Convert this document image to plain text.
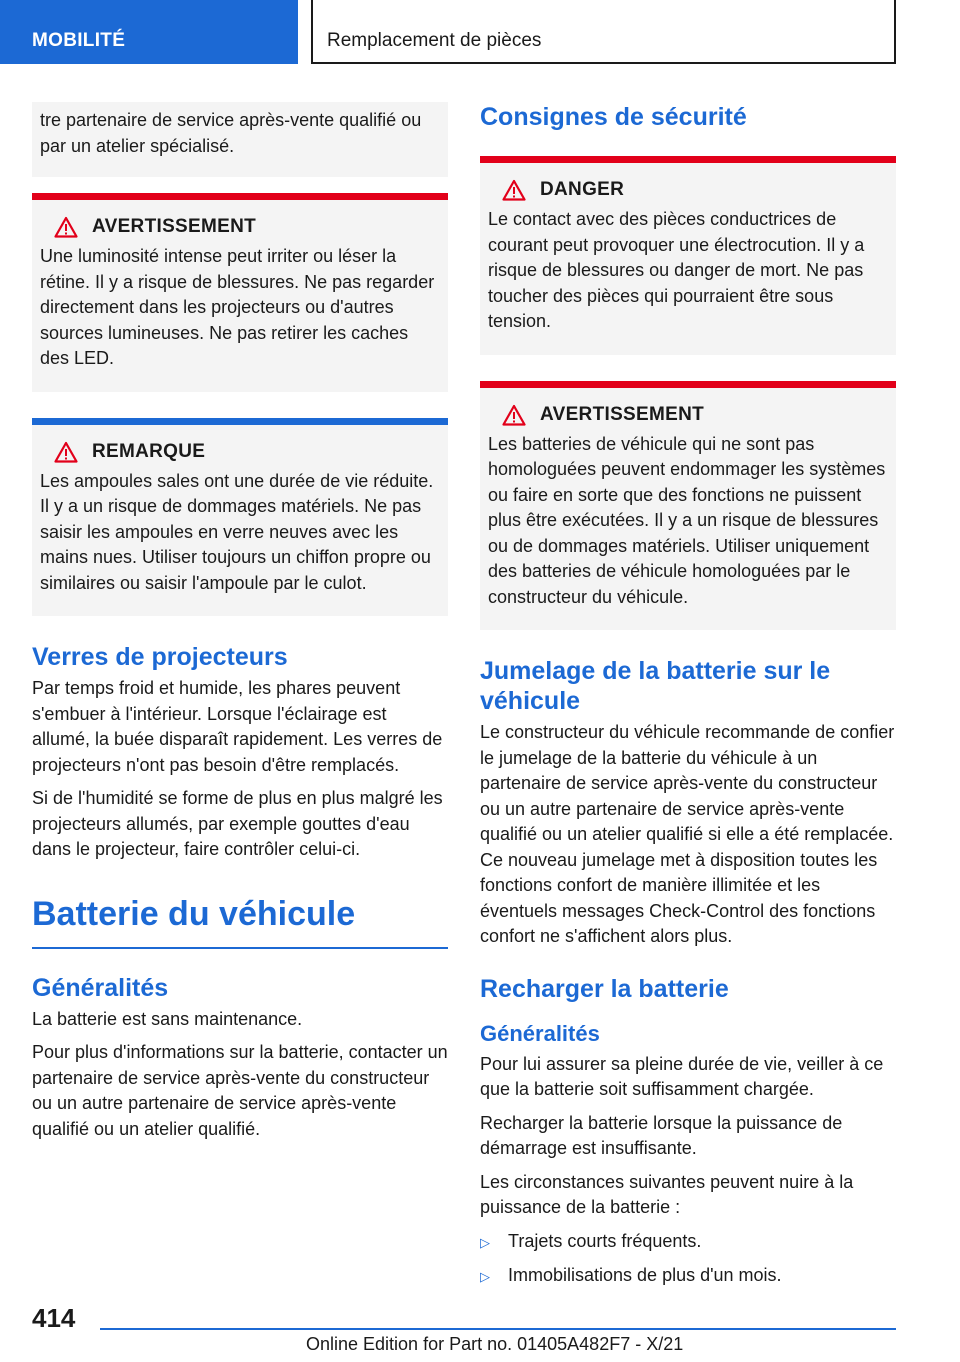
MOBILITÉ	Remplacement de pièces

tre partenaire de service après-vente qualifié ou par un atelier spécialisé.

AVERTISSEMENT

Une luminosité intense peut irriter ou léser la rétine. Il y a risque de blessures. Ne pas regarder directement dans les projecteurs ou d'autres sources lumineuses. Ne pas retirer les caches des LED.

REMARQUE

Les ampoules sales ont une durée de vie réduite. Il y a un risque de dommages matériels. Ne pas saisir les ampoules en verre neuves avec les mains nues. Utiliser toujours un chiffon propre ou similaires ou saisir l'ampoule par le culot.

Verres de projecteurs

Par temps froid et humide, les phares peuvent s'embuer à l'intérieur. Lorsque l'éclairage est allumé, la buée disparaît rapidement. Les verres de projecteurs n'ont pas besoin d'être remplacés.

Si de l'humidité se forme de plus en plus malgré les projecteurs allumés, par exemple gouttes d'eau dans le projecteur, faire contrôler celui-ci.

Batterie du véhicule
Généralités

La batterie est sans maintenance.

Pour plus d'informations sur la batterie, contacter un partenaire de service après-vente du constructeur ou un autre partenaire de service après-vente qualifié ou un atelier qualifié.

Consignes de sécurité
DANGER

Le contact avec des pièces conductrices de courant peut provoquer une électrocution. Il y a risque de blessures ou danger de mort. Ne pas toucher des pièces qui pourraient être sous tension.

AVERTISSEMENT

Les batteries de véhicule qui ne sont pas homologuées peuvent endommager les systèmes ou faire en sorte que des fonctions ne puissent plus être exécutées. Il y a un risque de blessures ou de dommages matériels. Utiliser uniquement des batteries de véhicule homologuées par le constructeur du véhicule.

Jumelage de la batterie sur le véhicule

Le constructeur du véhicule recommande de confier le jumelage de la batterie du véhicule à un partenaire de service après-vente du constructeur ou un autre partenaire de service après-vente qualifié ou un atelier qualifié si elle a été remplacée. Ce nouveau jumelage met à disposition toutes les fonctions confort de manière illimitée et les éventuels messages Check-Control des fonctions confort ne s'affichent alors plus.

Recharger la batterie
Généralités

Pour lui assurer sa pleine durée de vie, veiller à ce que la batterie soit suffisamment chargée.

Recharger la batterie lorsque la puissance de démarrage est insuffisante.

Les circonstances suivantes peuvent nuire à la puissance de la batterie :

▷	Trajets courts fréquents.
▷	Immobilisations de plus d'un mois.
414
Online Edition for Part no. 01405A482F7 - X/21
